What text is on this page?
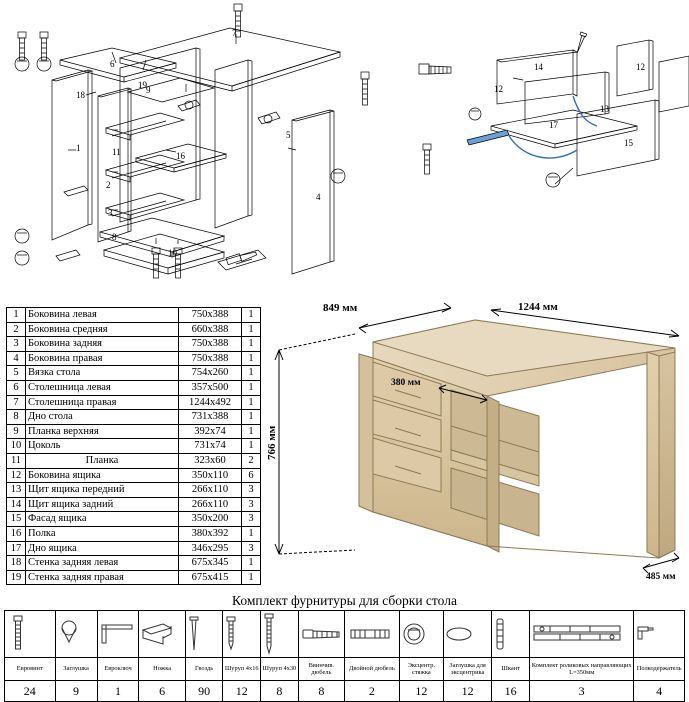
6
19
7
18	9
16
1	11
2
3
5
8
10
4
14
12
12
13
17
15
1	Боковина левая	750x388	1
2	Боковина средняя	660x388	1
3	Боковина задняя	750x388	1
4	Боковина правая	750x388	1
5	Вязка стола	754x260	1
6	Столешница левая	357x500	1
7	Столешница правая	1244x492	1
8	Дно стола	731x388	1
9	Планка верхняя	392x74	1
10	Цоколь	731x74	1
11	Планка	323x60	2
12	Боковина ящика	350x110	6
13	Щит ящика передний	266x110	3
14	Щит ящика задний	266x110	3
15	Фасад ящика	350x200	3
16	Полка	380x392	1
17	Дно ящика	346x295	3
18	Стенка задняя левая	675x345	1
19	Стенка задняя правая	675x415	1
849 мм	1244 мм
766 мм
380 мм
485 мм
Комплект фурнитуры для сборки стола

Евровинт	Заглушка	Евроключ	Ножка	Гвоздь	Шуруп 4х16	Шуруп 4х30	Ввинчив. дюбель	Двойной дюбель	Эксцентр. стяжка	Заглушка для эксцентрика	Шкант	Комплект роликовых направляющих L=350мм	Полкодержатель
24	9	1	6	90	12	8	8	2	12	12	16	3	4
